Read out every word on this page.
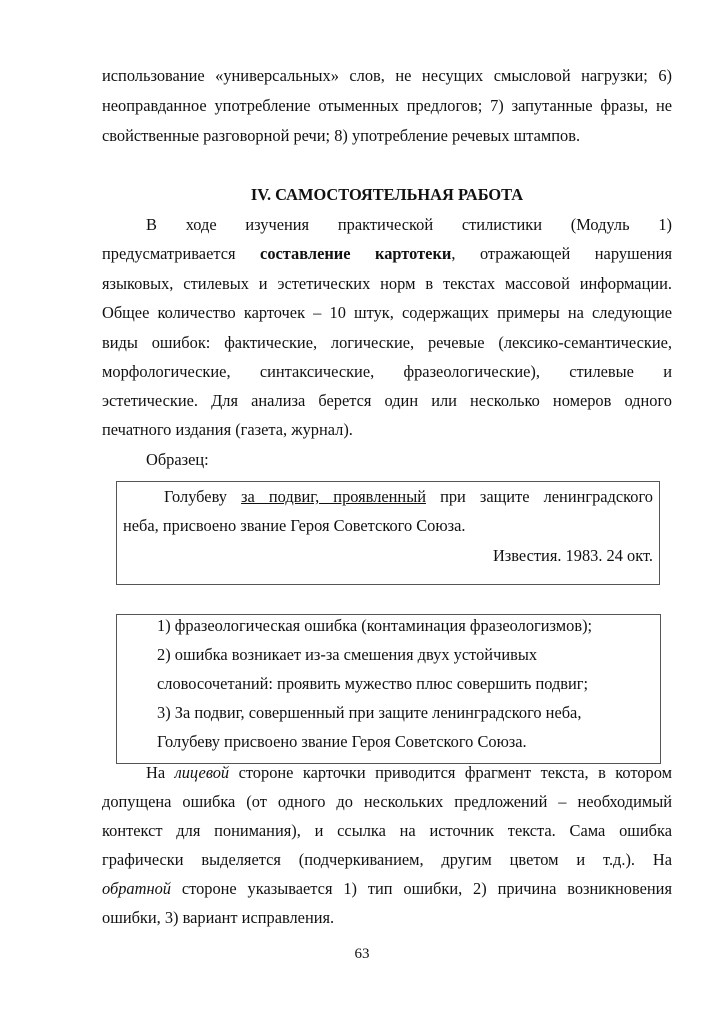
IV. САМОСТОЯТЕЛЬНАЯ РАБОТА
63
использование «универсальных» слов, не несущих смысловой нагрузки; 6)
неоправданное употребление отыменных предлогов; 7) запутанные фразы, не
свойственные разговорной речи; 8) употребление речевых штампов.
В ходе изучения практической стилистики (Модуль 1)
предусматривается составление картотеки, отражающей нарушения
языковых, стилевых и эстетических норм в текстах массовой информации.
Общее количество карточек – 10 штук, содержащих примеры на следующие
виды ошибок: фактические, логические, речевые (лексико-семантические,
морфологические, синтаксические, фразеологические), стилевые и
эстетические. Для анализа берется один или несколько номеров одного
печатного издания (газета, журнал).
Образец:
Голубеву за подвиг, проявленный при защите ленинградского
неба, присвоено звание Героя Советского Союза.
Известия. 1983. 24 окт.
1) фразеологическая ошибка (контаминация фразеологизмов);
2) ошибка возникает из-за смешения двух устойчивых
словосочетаний: проявить мужество плюс совершить подвиг;
3) За подвиг, совершенный при защите ленинградского неба,
Голубеву присвоено звание Героя Советского Союза.
На лицевой стороне карточки приводится фрагмент текста, в котором
допущена ошибка (от одного до нескольких предложений – необходимый
контекст для понимания), и ссылка на источник текста. Сама ошибка
графически выделяется (подчеркиванием, другим цветом и т.д.). На
обратной стороне указывается 1) тип ошибки, 2) причина возникновения
ошибки, 3) вариант исправления.
